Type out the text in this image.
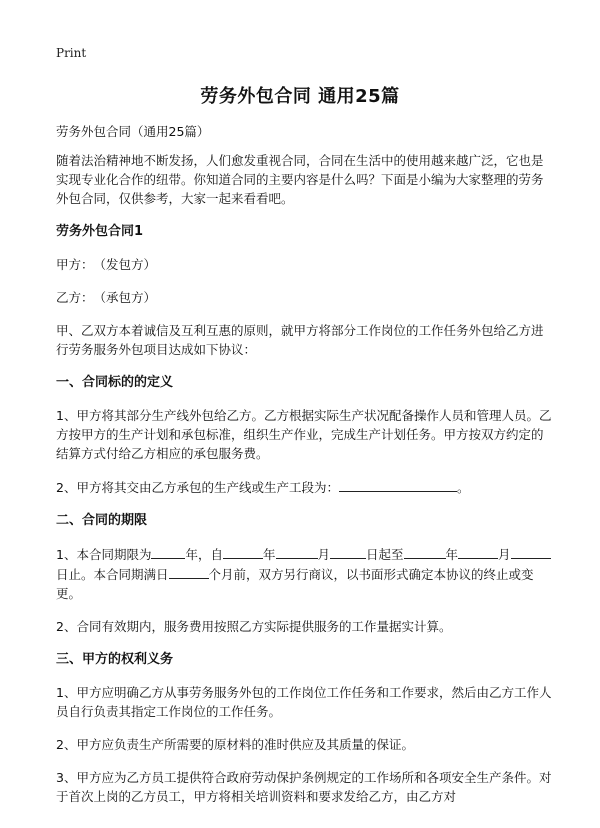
Print
劳务外包合同 通用25篇

劳务外包合同（通用25篇）

随着法治精神地不断发扬，人们愈发重视合同，合同在生活中的使用越来越广泛，它也是实现专业化合作的纽带。你知道合同的主要内容是什么吗？下面是小编为大家整理的劳务外包合同，仅供参考，大家一起来看看吧。

劳务外包合同1

甲方：　（发包方）

乙方：　（承包方）

甲、乙双方本着诚信及互利互惠的原则，就甲方将部分工作岗位的工作任务外包给乙方进行劳务服务外包项目达成如下协议：

一、合同标的的定义

1、甲方将其部分生产线外包给乙方。乙方根据实际生产状况配备操作人员和管理人员。乙方按甲方的生产计划和承包标准，组织生产作业，完成生产计划任务。甲方按双方约定的结算方式付给乙方相应的承包服务费。

2、甲方将其交由乙方承包的生产线或生产工段为：	。

二、合同的期限

1、本合同期限为	年，自	年	月	日起至	年	月日止。本合同期满日	个月前，双方另行商议，以书面形式确定本协议的终止或变更。

2、合同有效期内，服务费用按照乙方实际提供服务的工作量据实计算。

三、甲方的权利义务

1、甲方应明确乙方从事劳务服务外包的工作岗位工作任务和工作要求，然后由乙方工作人员自行负责其指定工作岗位的工作任务。

2、甲方应负责生产所需要的原材料的准时供应及其质量的保证。

3、甲方应为乙方员工提供符合政府劳动保护条例规定的工作场所和各项安全生产条件。对于首次上岗的乙方员工，甲方将相关培训资料和要求发给乙方，由乙方对
